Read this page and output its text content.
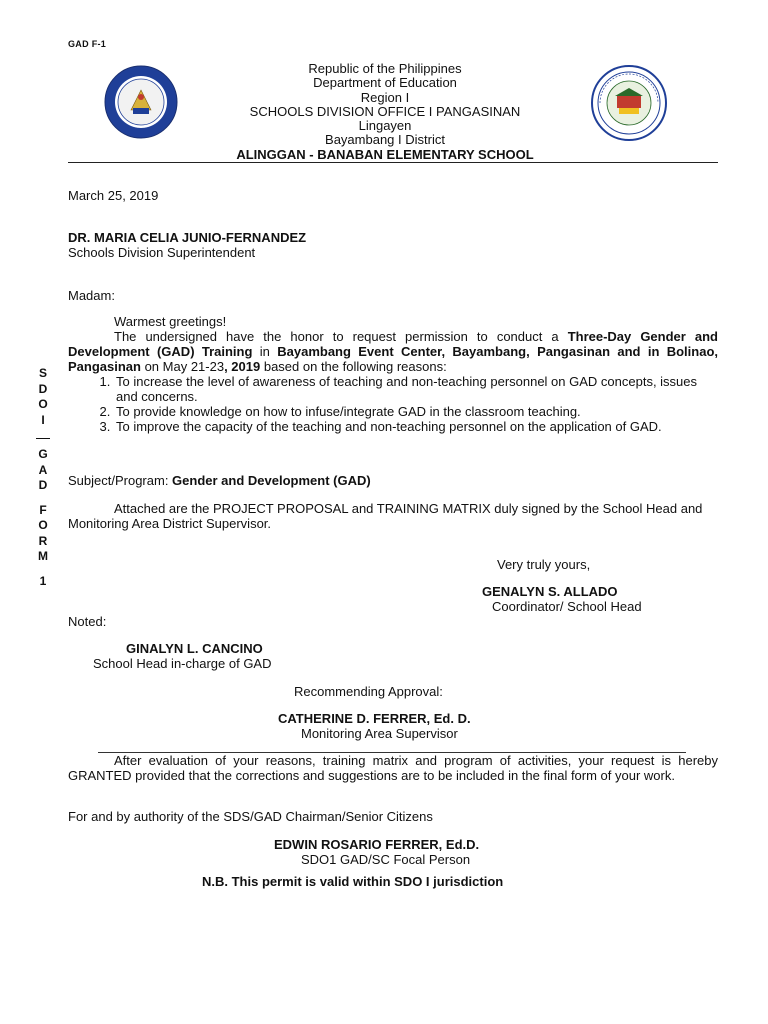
GAD F-1
Republic of the Philippines
Department of Education
Region I
SCHOOLS DIVISION OFFICE I PANGASINAN
Lingayen
Bayambang I District
ALINGGAN - BANABAN ELEMENTARY SCHOOL
S
D
O
I
G
A
D
F
O
R
M
1
March 25, 2019
DR. MARIA CELIA JUNIO-FERNANDEZ
Schools Division Superintendent
Madam:

Warmest greetings!

The undersigned have the honor to request permission to conduct a Three-Day Gender and Development (GAD) Training in Bayambang Event Center, Bayambang, Pangasinan and in Bolinao, Pangasinan on May 21-23, 2019 based on the following reasons:

1. To increase the level of awareness of teaching and non-teaching personnel on GAD concepts, issues and concerns.
2. To provide knowledge on how to infuse/integrate GAD in the classroom teaching.
3. To improve the capacity of the teaching and non-teaching personnel on the application of GAD.
Subject/Program: Gender and Development (GAD)

Attached are the PROJECT PROPOSAL and TRAINING MATRIX duly signed by the School Head and Monitoring Area District Supervisor.

Very truly yours,
GENALYN S. ALLADO
Coordinator/ School Head
Noted:
GINALYN L. CANCINO
School Head in-charge of GAD
Recommending Approval:
CATHERINE D. FERRER, Ed. D.
Monitoring Area Supervisor

After evaluation of your reasons, training matrix and program of activities, your request is hereby GRANTED provided that the corrections and suggestions are to be included in the final form of your work.

For and by authority of the SDS/GAD Chairman/Senior Citizens
EDWIN ROSARIO FERRER, Ed.D.
SDO1 GAD/SC Focal Person
N.B. This permit is valid within SDO I jurisdiction
